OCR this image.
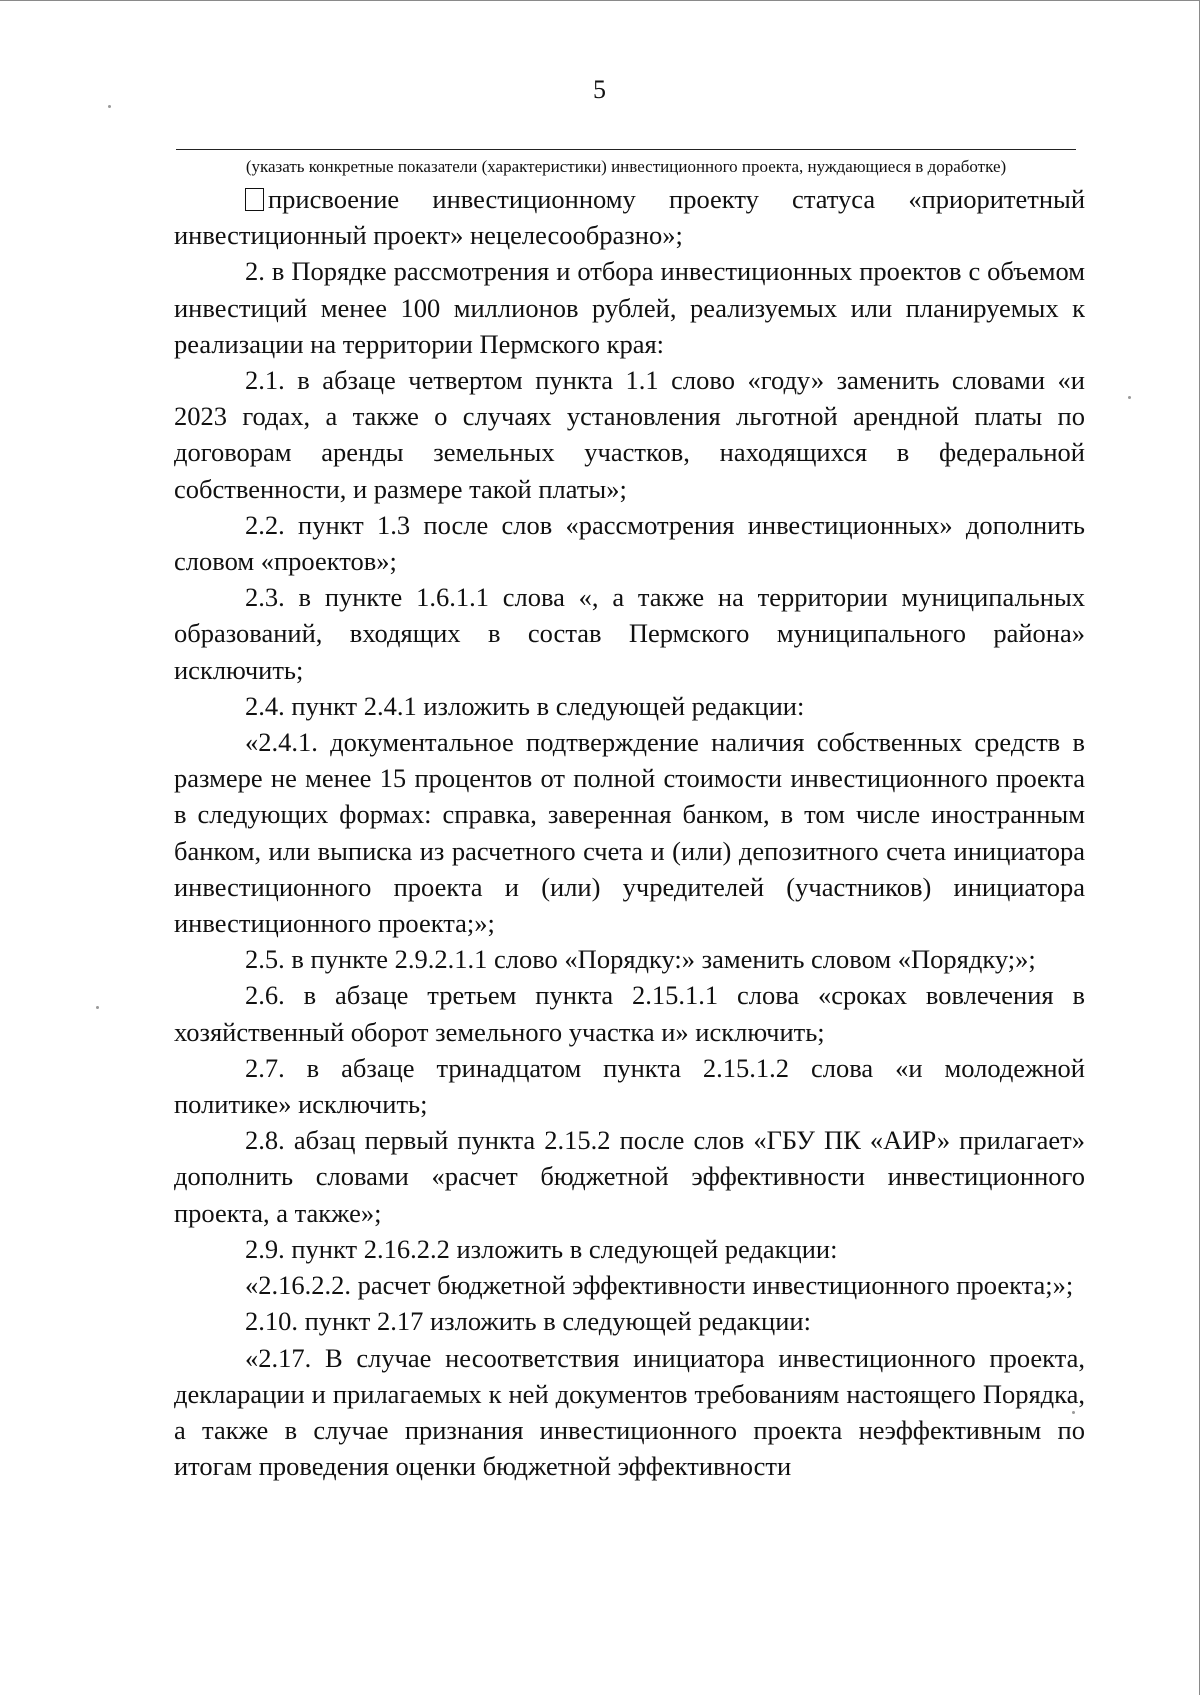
5
(указать конкретные показатели (характеристики) инвестиционного проекта, нуждающиеся в доработке)

присвоение инвестиционному проекту статуса «приоритетный инвестиционный проект» нецелесообразно»;

2. в Порядке рассмотрения и отбора инвестиционных проектов с объемом инвестиций менее 100 миллионов рублей, реализуемых или планируемых к реализации на территории Пермского края:

2.1. в абзаце четвертом пункта 1.1 слово «году» заменить словами «и 2023 годах, а также о случаях установления льготной арендной платы по договорам аренды земельных участков, находящихся в федеральной собственности, и размере такой платы»;

2.2. пункт 1.3 после слов «рассмотрения инвестиционных» дополнить словом «проектов»;

2.3. в пункте 1.6.1.1 слова «, а также на территории муниципальных образований, входящих в состав Пермского муниципального района» исключить;

2.4. пункт 2.4.1 изложить в следующей редакции:

«2.4.1. документальное подтверждение наличия собственных средств в размере не менее 15 процентов от полной стоимости инвестиционного проекта в следующих формах: справка, заверенная банком, в том числе иностранным банком, или выписка из расчетного счета и (или) депозитного счета инициатора инвестиционного проекта и (или) учредителей (участников) инициатора инвестиционного проекта;»;

2.5. в пункте 2.9.2.1.1 слово «Порядку:» заменить словом «Порядку;»;

2.6. в абзаце третьем пункта 2.15.1.1 слова «сроках вовлечения в хозяйственный оборот земельного участка и» исключить;

2.7. в абзаце тринадцатом пункта 2.15.1.2 слова «и молодежной политике» исключить;

2.8. абзац первый пункта 2.15.2 после слов «ГБУ ПК «АИР» прилагает» дополнить словами «расчет бюджетной эффективности инвестиционного проекта, а также»;

2.9. пункт 2.16.2.2 изложить в следующей редакции:

«2.16.2.2. расчет бюджетной эффективности инвестиционного проекта;»;

2.10. пункт 2.17 изложить в следующей редакции:

«2.17. В случае несоответствия инициатора инвестиционного проекта, декларации и прилагаемых к ней документов требованиям настоящего Порядка, а также в случае признания инвестиционного проекта неэффективным по итогам проведения оценки бюджетной эффективности
